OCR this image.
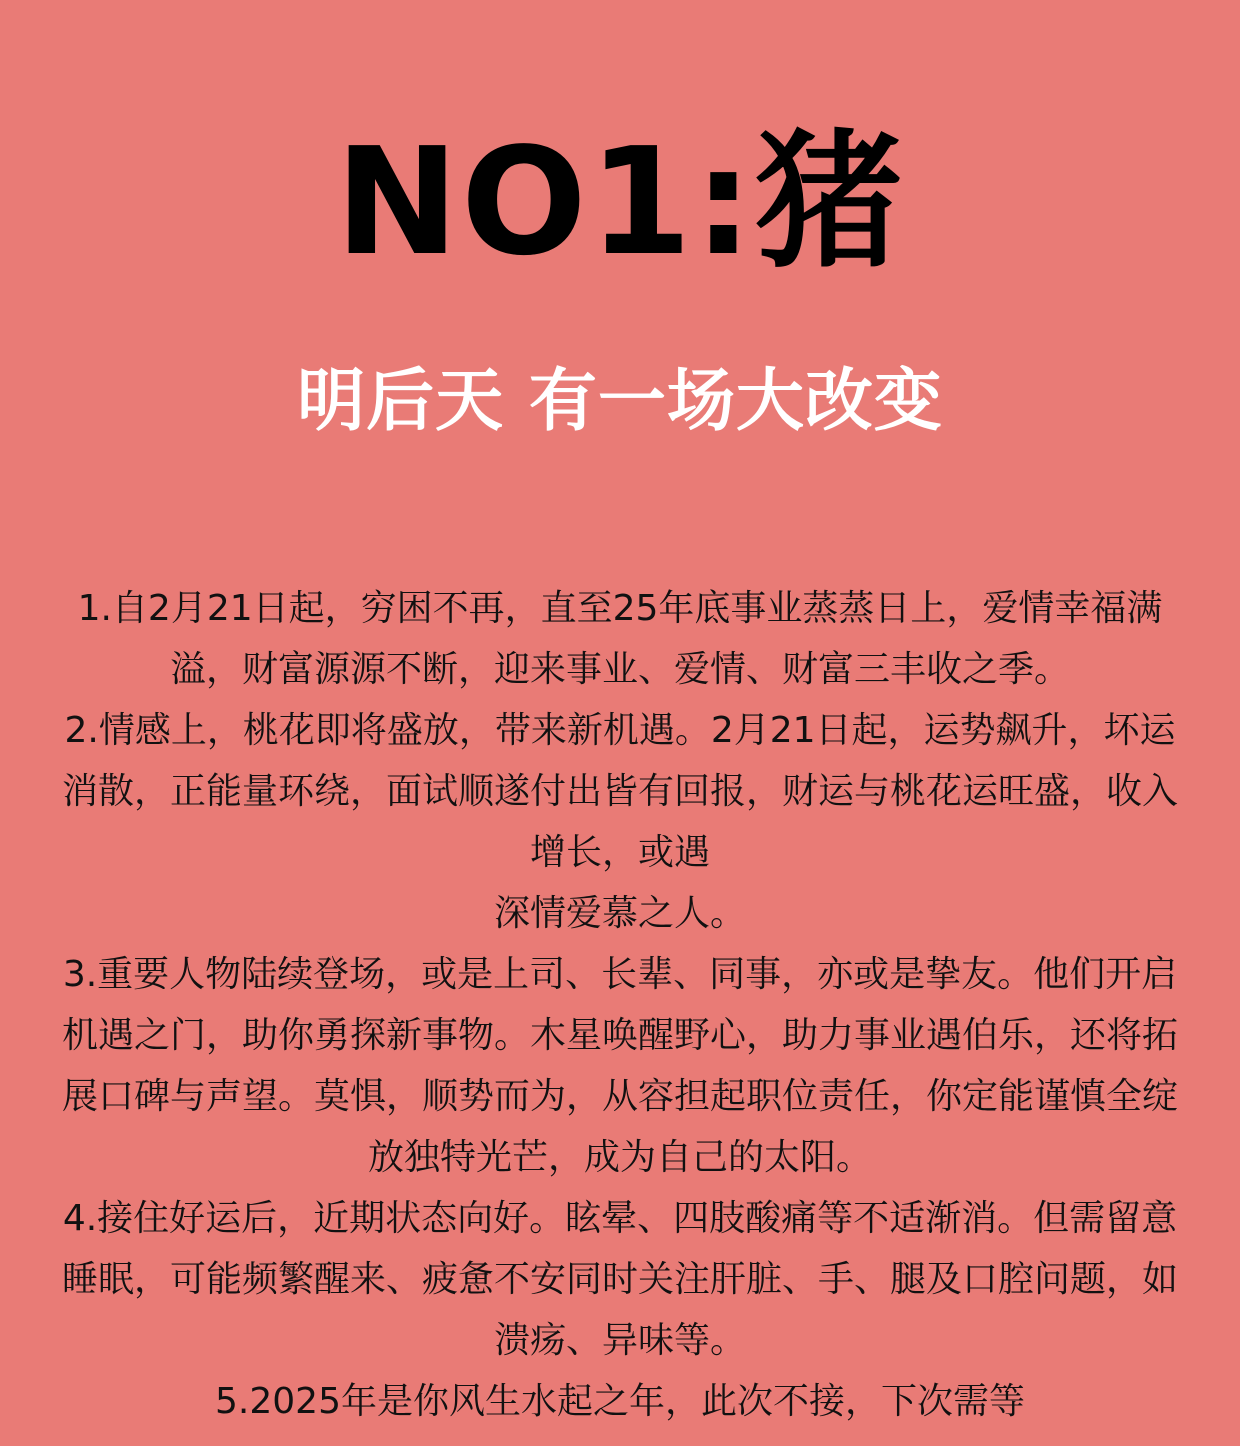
NO1:猪
明后天 有一场大改变

1.自2月21日起，穷困不再，直至25年底事业蒸蒸日上，爱情幸福满溢，财富源源不断，迎来事业、爱情、财富三丰收之季。

2.情感上，桃花即将盛放，带来新机遇。2月21日起，运势飙升，坏运消散，正能量环绕，面试顺遂付出皆有回报，财运与桃花运旺盛，收入增长，或遇

深情爱慕之人。

3.重要人物陆续登场，或是上司、长辈、同事，亦或是挚友。他们开启机遇之门，助你勇探新事物。木星唤醒野心，助力事业遇伯乐，还将拓展口碑与声望。莫惧，顺势而为，从容担起职位责任，你定能谨慎全绽放独特光芒，成为自己的太阳。

4.接住好运后，近期状态向好。眩晕、四肢酸痛等不适渐消。但需留意睡眠，可能频繁醒来、疲惫不安同时关注肝脏、手、腿及口腔问题，如溃疡、异味等。

5.2025年是你风生水起之年，此次不接，下次需等
